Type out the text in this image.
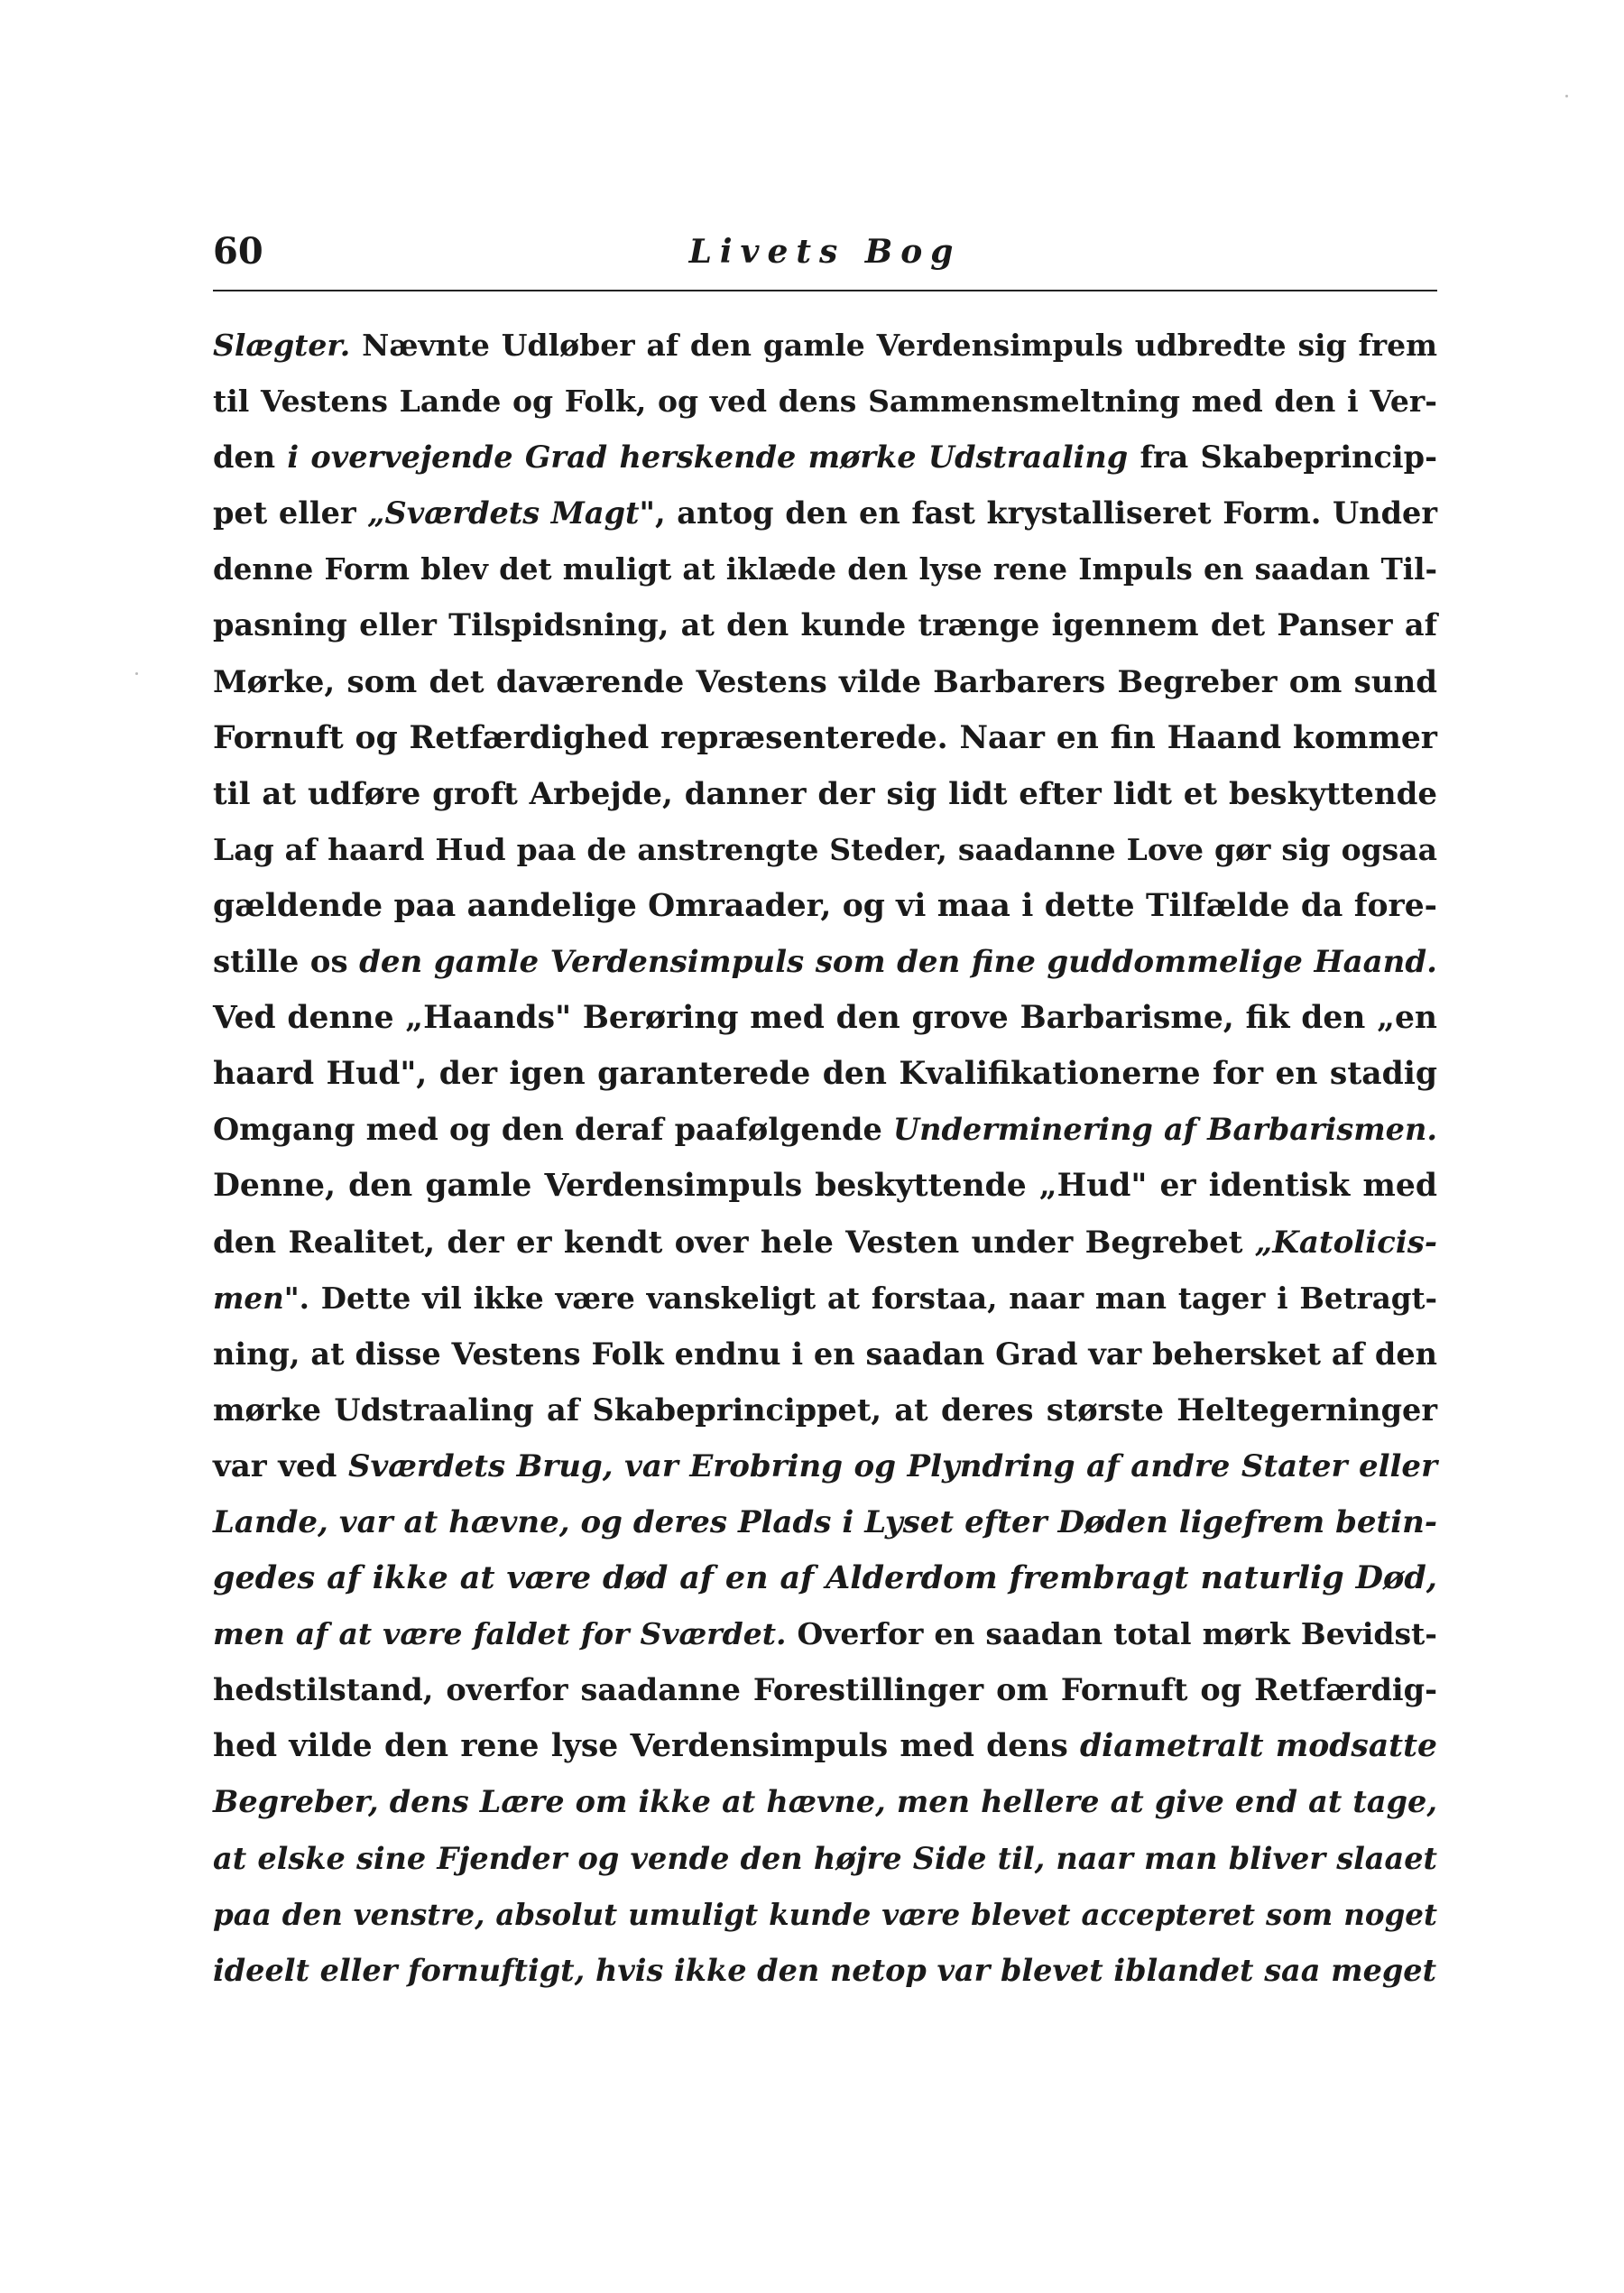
60	Livets Bog
Slægter. Nævnte Udløber af den gamle Verdensimpuls udbredte sig frem
til Vestens Lande og Folk, og ved dens Sammensmeltning med den i Ver-
den i overvejende Grad herskende mørke Udstraaling fra Skabeprincip-
pet eller „Sværdets Magt", antog den en fast krystalliseret Form. Under
denne Form blev det muligt at iklæde den lyse rene Impuls en saadan Til-
pasning eller Tilspidsning, at den kunde trænge igennem det Panser af
Mørke, som det daværende Vestens vilde Barbarers Begreber om sund
Fornuft og Retfærdighed repræsenterede. Naar en fin Haand kommer
til at udføre groft Arbejde, danner der sig lidt efter lidt et beskyttende
Lag af haard Hud paa de anstrengte Steder, saadanne Love gør sig ogsaa
gældende paa aandelige Omraader, og vi maa i dette Tilfælde da fore-
stille os den gamle Verdensimpuls som den fine guddommelige Haand.
Ved denne „Haands" Berøring med den grove Barbarisme, fik den „en
haard Hud", der igen garanterede den Kvalifikationerne for en stadig
Omgang med og den deraf paafølgende Underminering af Barbarismen.
Denne, den gamle Verdensimpuls beskyttende „Hud" er identisk med
den Realitet, der er kendt over hele Vesten under Begrebet „Katolicis-
men". Dette vil ikke være vanskeligt at forstaa, naar man tager i Betragt-
ning, at disse Vestens Folk endnu i en saadan Grad var behersket af den
mørke Udstraaling af Skabeprincippet, at deres største Heltegerninger
var ved Sværdets Brug, var Erobring og Plyndring af andre Stater eller
Lande, var at hævne, og deres Plads i Lyset efter Døden ligefrem betin-
gedes af ikke at være død af en af Alderdom frembragt naturlig Død,
men af at være faldet for Sværdet. Overfor en saadan total mørk Bevidst-
hedstilstand, overfor saadanne Forestillinger om Fornuft og Retfærdig-
hed vilde den rene lyse Verdensimpuls med dens diametralt modsatte
Begreber, dens Lære om ikke at hævne, men hellere at give end at tage,
at elske sine Fjender og vende den højre Side til, naar man bliver slaaet
paa den venstre, absolut umuligt kunde være blevet accepteret som noget
ideelt eller fornuftigt, hvis ikke den netop var blevet iblandet saa meget
